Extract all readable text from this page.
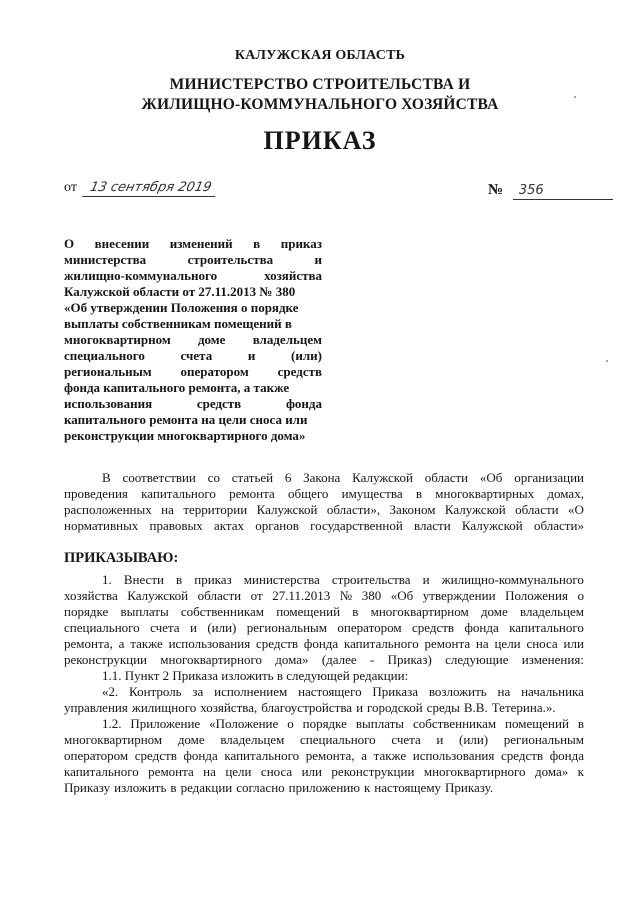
КАЛУЖСКАЯ ОБЛАСТЬ
МИНИСТЕРСТВО СТРОИТЕЛЬСТВА И
ЖИЛИЩНО-КОММУНАЛЬНОГО ХОЗЯЙСТВА
ПРИКАЗ
от 13 сентября 2019	№ 356
О внесении изменений в приказ
министерства	строительства	и
жилищно-коммунального	хозяйства
Калужской области от 27.11.2013 № 380
«Об утверждении Положения о порядке
выплаты собственникам помещений в
многоквартирном доме владельцем
специального	счета	и	(или)
региональным оператором средств
фонда капитального ремонта, а также
использования	средств	фонда
капитального ремонта на цели сноса или
реконструкции многоквартирного дома»
В соответствии со статьей 6 Закона Калужской области «Об организации
проведения капитального ремонта общего имущества в многоквартирных домах,
расположенных на территории Калужской области», Законом Калужской области «О
нормативных правовых актах органов государственной власти Калужской области»
ПРИКАЗЫВАЮ:
1. Внести в приказ министерства строительства и жилищно-коммунального
хозяйства Калужской области от 27.11.2013 № 380 «Об утверждении Положения о
порядке выплаты собственникам помещений в многоквартирном доме владельцем
специального счета и (или) региональным оператором средств фонда капитального
ремонта, а также использования средств фонда капитального ремонта на цели сноса или
реконструкции многоквартирного дома» (далее - Приказ) следующие изменения:
1.1. Пункт 2 Приказа изложить в следующей редакции:
«2. Контроль за исполнением настоящего Приказа возложить на начальника
управления жилищного хозяйства, благоустройства и городской среды В.В. Тетерина.».
1.2. Приложение «Положение о порядке выплаты собственникам помещений в
многоквартирном доме владельцем специального счета и (или) региональным
оператором средств фонда капитального ремонта, а также использования средств фонда
капитального ремонта на цели сноса или реконструкции многоквартирного дома» к
Приказу изложить в редакции согласно приложению к настоящему Приказу.
